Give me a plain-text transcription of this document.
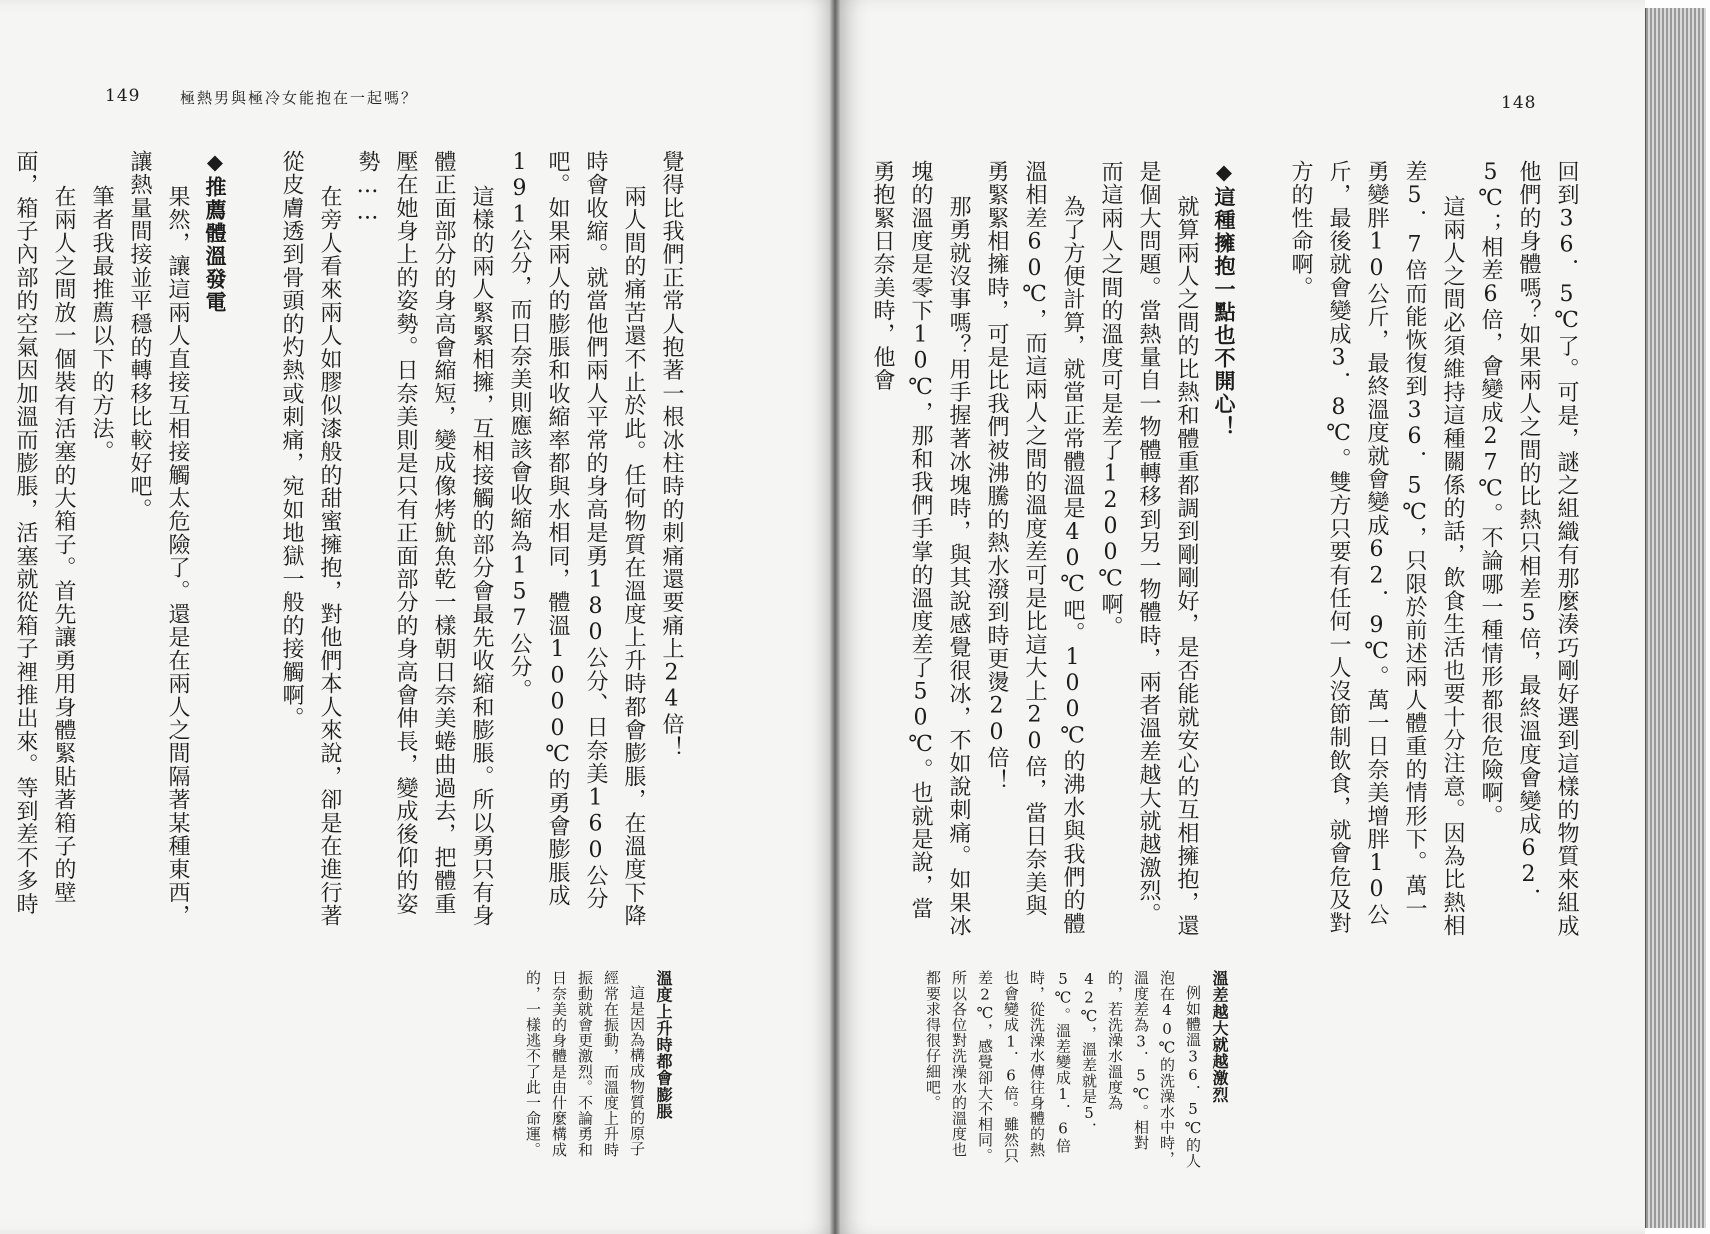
149	極熱男與極冷女能抱在一起嗎？

覺得比我們正常人抱著一根冰柱時的刺痛還要痛上24倍！

兩人間的痛苦還不止於此。任何物質在溫度上升時都會膨脹，在溫度下降時會收縮。就當他們兩人平常的身高是勇180公分、日奈美160公分吧。如果兩人的膨脹和收縮率都與水相同，體溫1000℃的勇會膨脹成191公分，而日奈美則應該會收縮為157公分。

這樣的兩人緊緊相擁，互相接觸的部分會最先收縮和膨脹。所以勇只有身體正面部分的身高會縮短，變成像烤魷魚乾一樣朝日奈美蜷曲過去，把體重壓在她身上的姿勢。日奈美則是只有正面部分的身高會伸長，變成後仰的姿勢……

在旁人看來兩人如膠似漆般的甜蜜擁抱，對他們本人來說，卻是在進行著從皮膚透到骨頭的灼熱或刺痛，宛如地獄一般的接觸啊。

◆推薦體溫發電

果然，讓這兩人直接互相接觸太危險了。還是在兩人之間隔著某種東西，讓熱量間接並平穩的轉移比較好吧。

筆者我最推薦以下的方法。

在兩人之間放一個裝有活塞的大箱子。首先讓勇用身體緊貼著箱子的壁面，箱子內部的空氣因加溫而膨脹，活塞就從箱子裡推出來。等到差不多時

溫度上升時都會膨脹

這是因為構成物質的原子經常在振動，而溫度上升時振動就會更激烈。不論勇和日奈美的身體是由什麼構成的，一樣逃不了此一命運。

148

回到36．5℃了。可是，謎之組織有那麼湊巧剛好選到這樣的物質來組成他們的身體嗎？如果兩人之間的比熱只相差5倍，最終溫度會變成62．5℃；相差6倍，會變成27℃。不論哪一種情形都很危險啊。

這兩人之間必須維持這種關係的話，飲食生活也要十分注意。因為比熱相差5．7倍而能恢復到36．5℃，只限於前述兩人體重的情形下。萬一勇變胖10公斤，最終溫度就會變成62．9℃。萬一日奈美增胖10公斤，最後就會變成3．8℃。雙方只要有任何一人沒節制飲食，就會危及對方的性命啊。

◆這種擁抱一點也不開心！

就算兩人之間的比熱和體重都調到剛剛好，是否能就安心的互相擁抱，還是個大問題。當熱量自一物體轉移到另一物體時，兩者溫差越大就越激烈。而這兩人之間的溫度可是差了1200℃啊。

為了方便計算，就當正常體溫是40℃吧。100℃的沸水與我們的體溫相差60℃，而這兩人之間的溫度差可是比這大上20倍，當日奈美與勇緊緊相擁時，可是比我們被沸騰的熱水潑到時更燙20倍！

那勇就沒事嗎？用手握著冰塊時，與其說感覺很冰，不如說刺痛。如果冰塊的溫度是零下10℃，那和我們手掌的溫度差了50℃。也就是說，當勇抱緊日奈美時，他會

溫差越大就越激烈

例如體溫36．5℃的人泡在40℃的洗澡水中時，溫度差為3．5℃。相對的，若洗澡水溫度為42℃，溫差就是5．5℃。溫差變成1．6倍時，從洗澡水傳往身體的熱也會變成1．6倍。雖然只差2℃，感覺卻大不相同。所以各位對洗澡水的溫度也都要求得很仔細吧。
